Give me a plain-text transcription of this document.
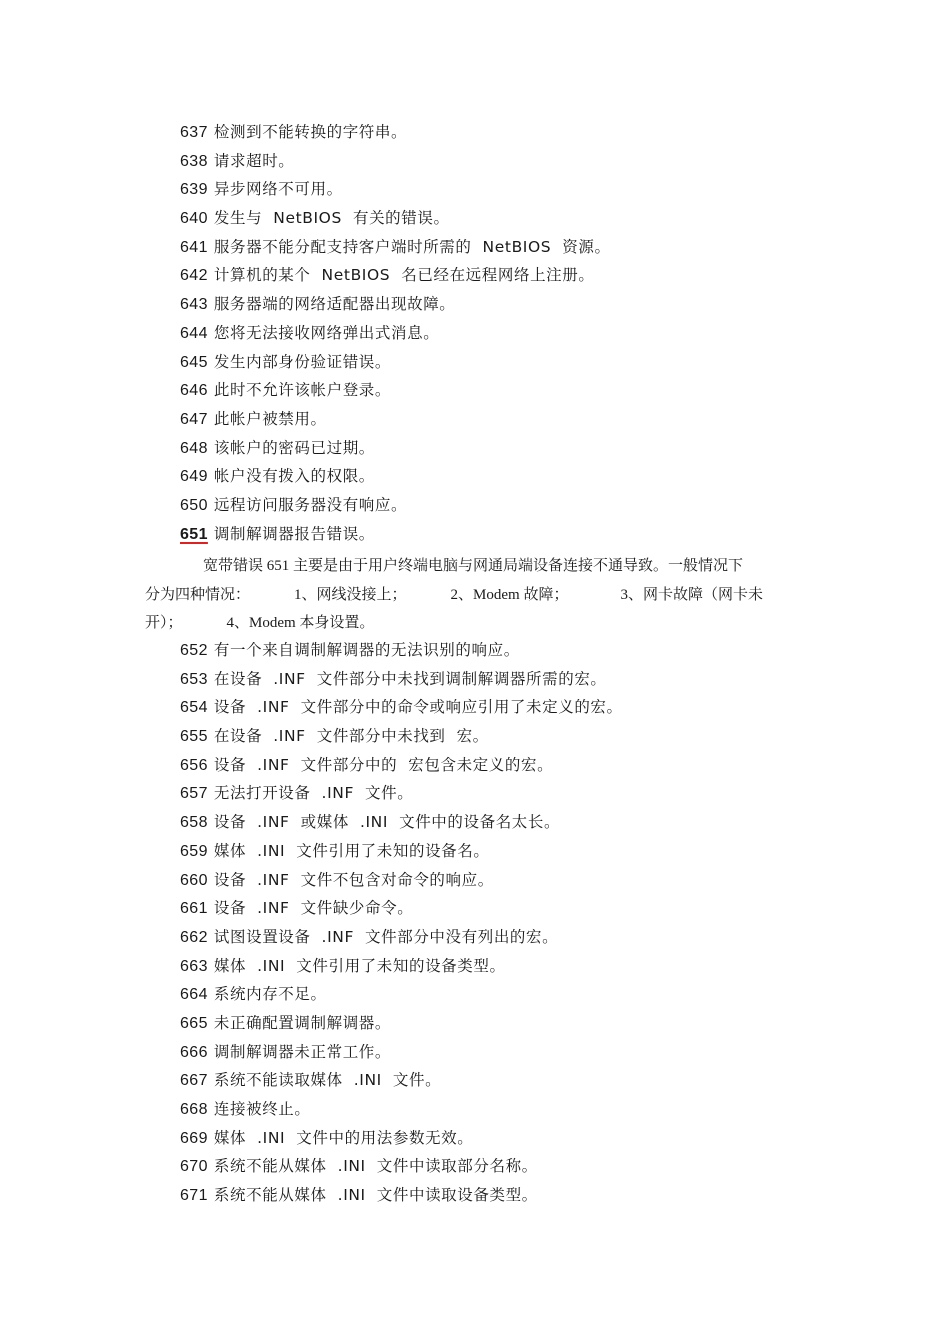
637 检测到不能转换的字符串。
638 请求超时。
639 异步网络不可用。
640 发生与  NetBIOS  有关的错误。
641 服务器不能分配支持客户端时所需的  NetBIOS  资源。
642 计算机的某个  NetBIOS  名已经在远程网络上注册。
643 服务器端的网络适配器出现故障。
644 您将无法接收网络弹出式消息。
645 发生内部身份验证错误。
646 此时不允许该帐户登录。
647 此帐户被禁用。
648 该帐户的密码已过期。
649 帐户没有拨入的权限。
650 远程访问服务器没有响应。
651 调制解调器报告错误。
宽带错误 651 主要是由于用户终端电脑与网通局端设备连接不通导致。一般情况下
分为四种情况：	1、网线没接上；	2、Modem 故障；	3、网卡故障（网卡未
开）；	4、Modem 本身设置。
652 有一个来自调制解调器的无法识别的响应。
653 在设备  .INF  文件部分中未找到调制解调器所需的宏。
654 设备  .INF  文件部分中的命令或响应引用了未定义的宏。
655 在设备  .INF  文件部分中未找到  宏。
656 设备  .INF  文件部分中的  宏包含未定义的宏。
657 无法打开设备  .INF  文件。
658 设备  .INF  或媒体  .INI  文件中的设备名太长。
659 媒体  .INI  文件引用了未知的设备名。
660 设备  .INF  文件不包含对命令的响应。
661 设备  .INF  文件缺少命令。
662 试图设置设备  .INF  文件部分中没有列出的宏。
663 媒体  .INI  文件引用了未知的设备类型。
664 系统内存不足。
665 未正确配置调制解调器。
666 调制解调器未正常工作。
667 系统不能读取媒体  .INI  文件。
668 连接被终止。
669 媒体  .INI  文件中的用法参数无效。
670 系统不能从媒体  .INI  文件中读取部分名称。
671 系统不能从媒体  .INI  文件中读取设备类型。
